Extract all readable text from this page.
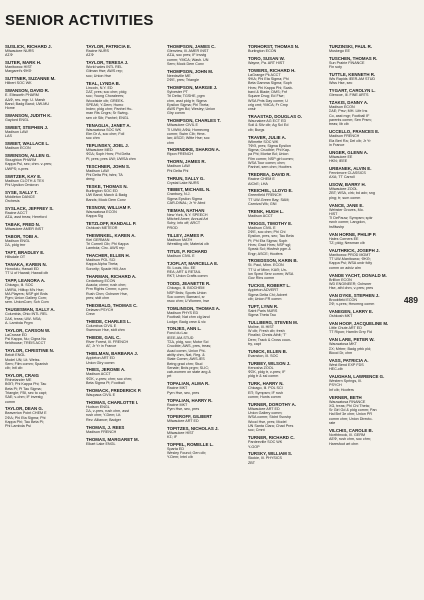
SENIOR ACTIVITIES
489
SUSLICK, RICHARD J.
Milwaukee NURS
AΣΦ
SUTER, MARK H.
Manitowoc HIST
Margaret's ΦΚΦ
SUTTNER, SUZANNE M.
Hilbert SOC WK
SWANSON, DAVID R.
E. Ellsworth PHARM
AΔΦ, res. mgr. U. Marsh
Band; Badg Band; UW-MU
Home
SWANSON, JUDITH K.
Gaylord ENGL
SWEET, STEPHEN J.
Madison LAW
LAS
SWEET, WALLACE L.
Madison ECON
SWENSON, ALLEN G.
Stoughton PHARM
Kappa Psi, sec; chm. v-pres;
UWPS; v-pres
SWITZER, KAY E.
Madison CLOTH & TEX
Phi Upsilon Omicron
SYSE, SALLY T.
Middleton DANCE
Orchesis
SYSLACK, JEFFREY S.
Racine ACCT
AΣΔ, asst treas; Hereford
TABAK, FRED N.
Milwaukee AMER INST
TABOR, TOBI A.
Madison ENGL
ΣΔ, pldg trnr
TAFT, BRADLEY E.
Hillsdale OT
TANAKA, KAREN N.
Honolulu, Hawaii ED
TT U of Hawaii; Hawaii clb
TAPP, LEANORA A.
Chicago, Ill. SOC
UWRA, Hilltop M's Hse;
MA Players; NSP girl Brds
Pgm; Union Gallery Com;
sem. UnionCom; Sch Com
TAUGESMAN, SALLY A.
Columbia, Ohio INTL REL
ΣΔΚ, treas; UW- NSA;
A. Lambda Prgm
TAYLOR, CARSON W.
LaCrosse ED
Psi Kappa, Nu; Cigna Nu
fieldhouse; TREIS ACCT
TAYLOR, CHRISTINE N.
Beloit ENGL
Model UN; Lit. Weiss.
Sem; Film comm; Spanish
clb; Intl clb
TAYLOR, CRAIG
Rhinelander ME
ΒΘΠ; Phi Kappa Phi; Tau
Beta Pi; Pi Tau Sigma;
Triangle; FBI, sec to capt;
SAE; v-chm; IF investg
comm
TAYLOR, DEAN G.
Beaverton Point CHEM E
ΣΦΔ; Phi Eta Sigma; Phi
Kappa Phi; Tau Beta Pi;
Phi Lambda Psi
TAYLOR, PATRICIA E.
Racine NURS
AΣΦ
TAYLOR, TERESA J.
World wdes INTL REL
Gilman Hse; AWS rep;
soc; Union Hse
TEAL, LYNDA B.
Lincoln, N.Y. ED
ΣΔΤ, pres; soc chm; pldg
soc; Young Choraleers;
Woodside clb; GREEK-
SPEAK; Y-Dem; Humo
Index; pldg chm; Panhel Hu-
man Rts Cngrs; Sr Swing-
sen cir Sib; Panhel; ENGL
TENAGLIA, JANET A.
Wauwatosa SOC WK
Elm Dr A, soc chm; Foll
soc chm
TEPLINSKY, JOEL J.
Milwaukee MED
ΦΣΔ; Soph Hnrs; Phi Delta
Pi, pres; pres UW; UWSA chm
TESCHNER, JOHN S.
Madison LAW
Phi Delta Phi, tstrs; TA
drmg
TESKE, THOMAS N.
Burlington SOC ED
UW Band; March & Badg
Bands; Mock Dem Conv
TESNOW, WILLIAM F.
Wauwatosa ECON
Kappa Sig
TETZLOFF, RANDALL P.
Oshkosh METEOR
THEWINKEL, KAREN A.
Kiel GERMAN
Tri Cornell Clb; Phi Kappa
Lambda; Circ. AWS rep
THACHER, ELLEN H.
Madison POL SCI
Kappa Alpha Theta;
Sorority; Spade Hill; Asn
THARMAN, RICHARD A.
Cedarburg ECON
Acacia; chmn; rush chm;
Prm Rights Cmmn; v-prm
Rush Chm; Ochsner Hse,
pres; stdt chm
THEOBALD, THOMAS C.
Delavan PSYCH
Crew
THIEDE, CHARLES L.
Columbus CIVIL E
Swenson Hse, stdt chm
THIEDE, GAIL C.
River Forest, Ill. FRENCH
AΓ, Jr Yr in France
THIELMAN, BARBARA J.
Appleton ART ED
Union Glry comm
THIES, JEROME A.
Madison ACCT
ΦΣΚ, v-pres; chm; soc chm;
Beta Sigma Pi; Football
THOMACK, FREDERICK P.
Waupaca CIVIL E
THOMAS, CHARLOTTE I.
Hudson ENGL
ΣΔ, v-pres, rush chm, asst
rush chm; Y-Dem; Lit.
Rev. Alliance; Badger
THOMAS, J. REES
Madison FRENCH
THOMAS, MARGARET M.
Elkart Lake ENGL
THOMPSON, JAMES C.
Glenview, Ill. AMER INST
AΣΔ, soc pres; IF invstg
comm; YMCA; Wash. UN
Sem; Mock Dem Conv
THOMPSON, JOHN M.
Needsville ME
ΣΦΕ, pres; Triangle
THOMPSON, MARGIE J.
Sylvester PT
Tri Delta; TGSHE, pgm
chm, asst pldg tr; Sigma
Epsilon Sigma; Phi Theta;
AWS Pgm Bd; Wesley; Union
Glry comm
THOMPSON, CHARLES T.
Milwaukee CIVIL E
TI UWM; AΦΔ; Homecmg
comm; Swim Clb; Hme-
lan; ASCE; Witte Hse; soc
chm
THORNDIKE, SHARON A.
Ripon FRENCH
THORN, JAMES R.
Madison LAW
Phi Delta Phi
THRUN, SALLY G.
Crystal Lake NURS
TIBBET, MICHAEL N.
Cranbury, N.J.
Sigma Epsilon Sigma
CAR-DINAL; Jr Yr Abrd
TIEMAN, NATHAN
New York, N.Y. SPEECH
Mitchell Amer; Annual Art
Schy; info off; ARCT
PROD
TILLEY, JAMES P.
Madison MATH
Wrestling clb; Material clb
TITUS, P. RICHARD
Madison CIVIL E
TJOFLAT, MARCELLA E.
St. Louis, Mo. EE
REA; ART & RETAIL
RKT; Union Crafts comm
TODD, JEANETTE R.
Chicago, Ill. BIOCHEM
NSP Brds; Sports Union
Soc comm; Barnard, sr
nsoc chm; U Women, hse
TOMLINSON, THOMAS A.
Madison PHYS ED
Football; Nat chm clg land
Lodge; Badg crew & vic
TONJES, ANN L.
Fond du Lac
IEEE-AM-STUD
TΣΔ, pldg, soc; Motor Sci
Crucible; AWS, pres, treas;
Acad comm, Union Phi-
abilty chm, Nat, Reg. &
State Comm; AWS-IES
Being grad chm; Stud
Senate; Brds prgm; SLIC;
cab-women on state ang &
prt
TOPALIAN, ALMA R.
Racine MKT
Pyrn Hse, sec, pres
TOPALIAN, HARRY R.
Racine MKT
Pyrn Hse, sec, pres
TOPEROFF, GILBERT
Milwaukee ART ED
TOPITZES, NICHOLAS J.
Milwaukee HIST
KΣ; IF
TOPPEL, ROMELLE L.
Sparta ED
Wesley Found; Gen clb;
Y-Dem; Intnl clb
TORHORST, THOMAS N.
Burlington ECON
TORO, SUSAN W.
Wayne, Pa. ART HIST
TOWERS, RICHARD H.
LaGrange Pk ACCT
ΦΚΑ; Phi Eta Sigma; Phi
Beta Gamma Sigma; Soph
Hnrs; Phi Kappa Phi; Scab-
bard & Blade; DMS; Fnf
Square Drug; Ed Flwr;
WSA Pnts Day comm; U
crlg cmt; YMCA; Fr Cmp
cnslr
TRAASTAD, DOUGLAS O.
Waunakee AG ECT ED
Soil & Silv clb; Ag Sci Ed
clb; Burgs
TRAVER, JULIE A.
Wilmette SOC WK
TΦΘ, pres; Sigma Epsilon
Sigma; Crucible; Phi Kap-
pa Phi; Mortar Bd; Union
Film comm; NSP girl comm;
WSA Tour comm; chm;
Panhel, sem chm; Hoofers
TREDREA, DAVID R.
Racine CHEM E
AIChE; LHA
TREICHEL, LLOYD E.
Greenfield FRENCH
TT UW-Green Bay; SAM;
Carnival Wk; GNI
TRENK, HUGH L.
Madison ACCT
TRIGGS, TIMOTHY E.
Madison CIVIL E
ΣΦΕ, soc chm; Phi Chi
Epsilon, pres, sec; Tau Beta
Pi; Phi Eta Sigma; Soph
Hnrs; Grad Hnrs; NSP sgl;
Speak Sci; Hksfrsh pgm &
Engr; ASCE; Hoofers
TROEDSSON, KARIN B.
St. Paul, Minn. ECON
TT U of Minn; ΚΑΘ; Un-
ion Speci Serv comm; WSA
Gov Rlns comm
TUCKIS, ROBERT L.
Appleton ADVERT
Sigma Delta Chi; Advert
clb; Union FR comm
TUFT, LYNN R.
Saint Paris NURS
Sigma Theta Tau
TULLBERG, STEVEN M.
Moline, Ill. HIST
W clb; Fresh clb; fresh
Finalist; Chrsts Athlt; 'T'
Dem; Track & Cross coun-
try, capt
TUNICK, ELLEN B.
Evanston, Ill. SOC
TURBEY, WILSON J.
Kenosha ZOOL
ΦΣΚ, pldg tr, v-pres; IF
pldg tr & ssl comm
TURK, HARRY N.
Chicago, Ill. POL SCI
ΕΠ; Sympsm; IF rush
comm; Hunts comm
TURNER, DOROTHY A.
Milwaukee ART ED
Union Gallery comm;
WSA comm; Stdnt Svcshp
Wood Hse, pres; Model
UN Santa Clara; Chad Pres
soc; Cmnt
TURNER, RICHARD C.
Pardeeville SOC WK
Y-GOP
TURSKY, WILLIAM S.
Skokie, Ill. PHYSICS
ΖΒΤ
TURZINSKI, PAUL R.
Muskego EE
TUSCHEN, THOMAS R.
Sun Prairie FINANCE
Fin soty
TUTTLE, KENNETH R.
Wis Rapids IEER-AM STUD
Wiss Hse, sec
TYGART, CAROLYN L.
Glencoe, Ill. FINE ARTS
TZAKIS, DANNY A.
Madison ECON
ΣΑΕ; Prsv; MH. Life Ins
Co, asst mgr; Football IF
parents comm; Sen Prsm;
treas; lib clb
UCCELLO, FRANCES E.
Madison FRENCH
Ela Beri Ra; Del clb; Jr Yr
in France
UNGER, GLENN A.
Milwaukee EE
ΗΚΝ; IEEE
URBANEK, ALVIN E.
Fennimore CLASSICS
AXA; TT Carroll
USOW, BARRY H.
Milwaukee ZOOL
ΖΒΤ; WSA, clrk; bd adv; sng
plng; tr; sum comm
VANCE, JANE E.
Webster Groves, Mo.
HIST
TI DePauw; Sympsm; spkr
rsrch comm; Langdon,
hsfllwshp
VAN HORNE, PHILIP P.
Hales Corners EE
TZ; pldg; Newman clb
VAUTHRICK, JOSEPH J.
Manitowoc PROD MGMT
TT UW-Manitowoc; ΦΚΘ;
Kappa Psi; WSA undr fclty
comm on adviz alm
VANDE YACHT, DONALD M.
Brillion ECON
WD ENGINEER; Ochsner
Hse, athl chm, v-pres; pres
VAN DYKE, STEPHEN J.
Brookfield ECON
ΣΦ; v-pres; Hmcmng comm
VANEGEN, LARRY E.
Oshkosh MKT
VAN HOOF, JACQUELINE M.
Little Chute ART ED
TT Ripon; Hamlin Grry Fld
VAN LARE, PETER W.
Wauwatosa MKT
ΣΧ; Mrtmr; Badg yrbk pld;
Blood Dr, chm
VASS, PATRICIA A.
West Bend EXP FDS
HEC-clb
VAUGHAN, LAWRENCE G.
Western Springs, Ill.
PSYCH
Inf clb; Hoofers
VERNER, BETH
Wauwatosa FINANCE
ΧΩ, treas; Phi Chi Theta;
Sr Girl Gd & pldg comm; Pan
Hal Bnf 3e chm; Union PR
comm chm; Union Directo-
rate
VILCHIS, CAROLE B.
Northbrook, Ill. GERM
ΑΕΦ, rush chm, soc chm;
Haresfoot art chm
